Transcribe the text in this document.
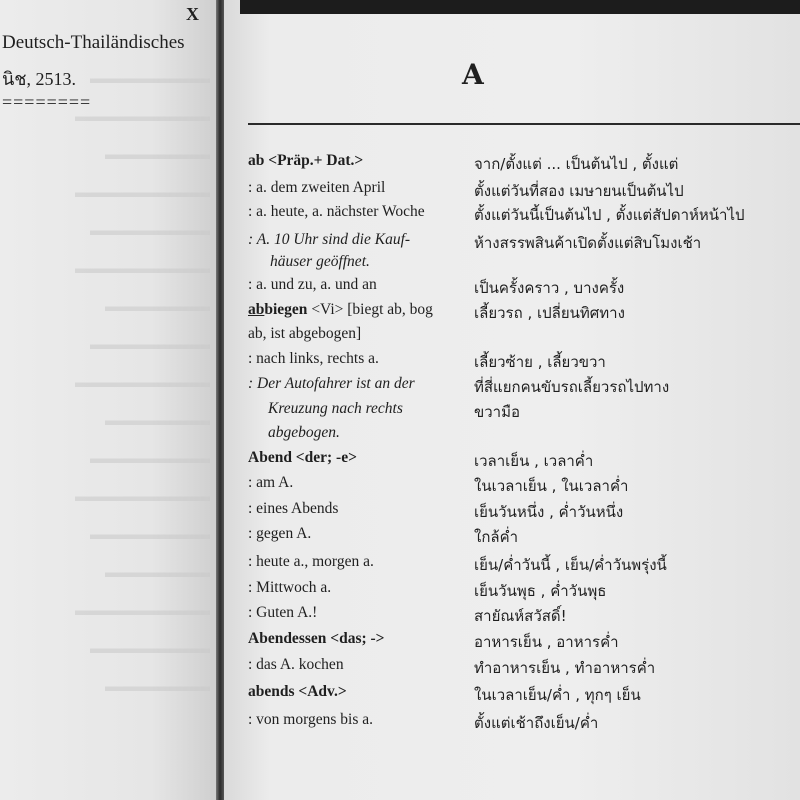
▬▬▬▬▬▬▬▬
▬▬▬▬▬▬▬▬▬
▬▬▬▬▬▬▬
▬▬▬▬▬▬▬▬▬
▬▬▬▬▬▬▬▬
▬▬▬▬▬▬▬▬▬
▬▬▬▬▬▬▬
▬▬▬▬▬▬▬▬
▬▬▬▬▬▬▬▬▬
▬▬▬▬▬▬▬
▬▬▬▬▬▬▬▬
▬▬▬▬▬▬▬▬▬
▬▬▬▬▬▬▬▬
▬▬▬▬▬▬▬
▬▬▬▬▬▬▬▬▬
▬▬▬▬▬▬▬▬
▬▬▬▬▬▬▬
X
Deutsch-Thailändisches
นิช, 2513.
========
A
ab <Präp.+ Dat.>	จาก/ตั้งแต่ ... เป็นต้นไป , ตั้งแต่
: a. dem zweiten April	ตั้งแต่วันที่สอง เมษายนเป็นต้นไป
: a. heute, a. nächster Woche	ตั้งแต่วันนี้เป็นต้นไป , ตั้งแต่สัปดาห์หน้าไป
: A. 10 Uhr sind die Kauf-	ห้างสรรพสินค้าเปิดตั้งแต่สิบโมงเช้า
häuser geöffnet.
: a. und zu, a. und an	เป็นครั้งคราว , บางครั้ง
abbiegen <Vi> [biegt ab, bog	เลี้ยวรถ , เปลี่ยนทิศทาง
ab, ist abgebogen]
: nach links, rechts a.	เลี้ยวซ้าย , เลี้ยวขวา
: Der Autofahrer ist an der	ที่สี่แยกคนขับรถเลี้ยวรถไปทาง
Kreuzung nach rechts	ขวามือ
abgebogen.
Abend <der; -e>	เวลาเย็น , เวลาค่ำ
: am A.	ในเวลาเย็น , ในเวลาค่ำ
: eines Abends	เย็นวันหนึ่ง , ค่ำวันหนึ่ง
: gegen A.	ใกล้ค่ำ
: heute a., morgen a.	เย็น/ค่ำวันนี้ , เย็น/ค่ำวันพรุ่งนี้
: Mittwoch a.	เย็นวันพุธ , ค่ำวันพุธ
: Guten A.!	สายัณห์สวัสดิ์!
Abendessen <das; ->	อาหารเย็น , อาหารค่ำ
: das A. kochen	ทำอาหารเย็น , ทำอาหารค่ำ
abends <Adv.>	ในเวลาเย็น/ค่ำ , ทุกๆ เย็น
: von morgens bis a.	ตั้งแต่เช้าถึงเย็น/ค่ำ
